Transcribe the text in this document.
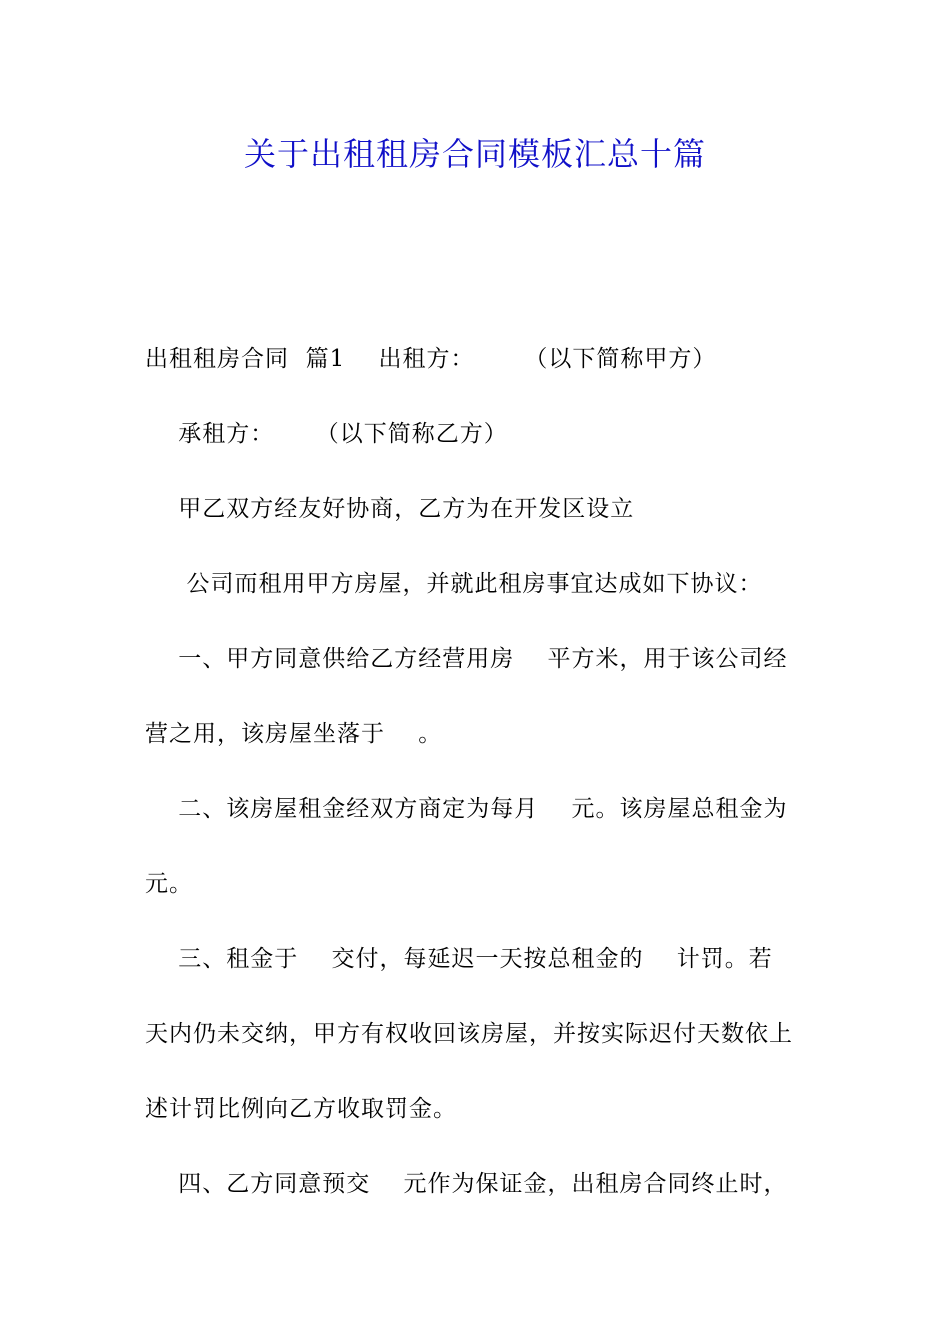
关于出租租房合同模板汇总十篇
出租租房合同  篇1    出租方：      （以下简称甲方）
承租方：     （以下简称乙方）
甲乙双方经友好协商，乙方为在开发区设立
公司而租用甲方房屋，并就此租房事宜达成如下协议：
一、甲方同意供给乙方经营用房    平方米，用于该公司经
营之用，该房屋坐落于    。
二、该房屋租金经双方商定为每月    元。该房屋总租金为
元。
三、租金于    交付，每延迟一天按总租金的    计罚。若
天内仍未交纳，甲方有权收回该房屋，并按实际迟付天数依上
述计罚比例向乙方收取罚金。
四、乙方同意预交    元作为保证金，出租房合同终止时，
